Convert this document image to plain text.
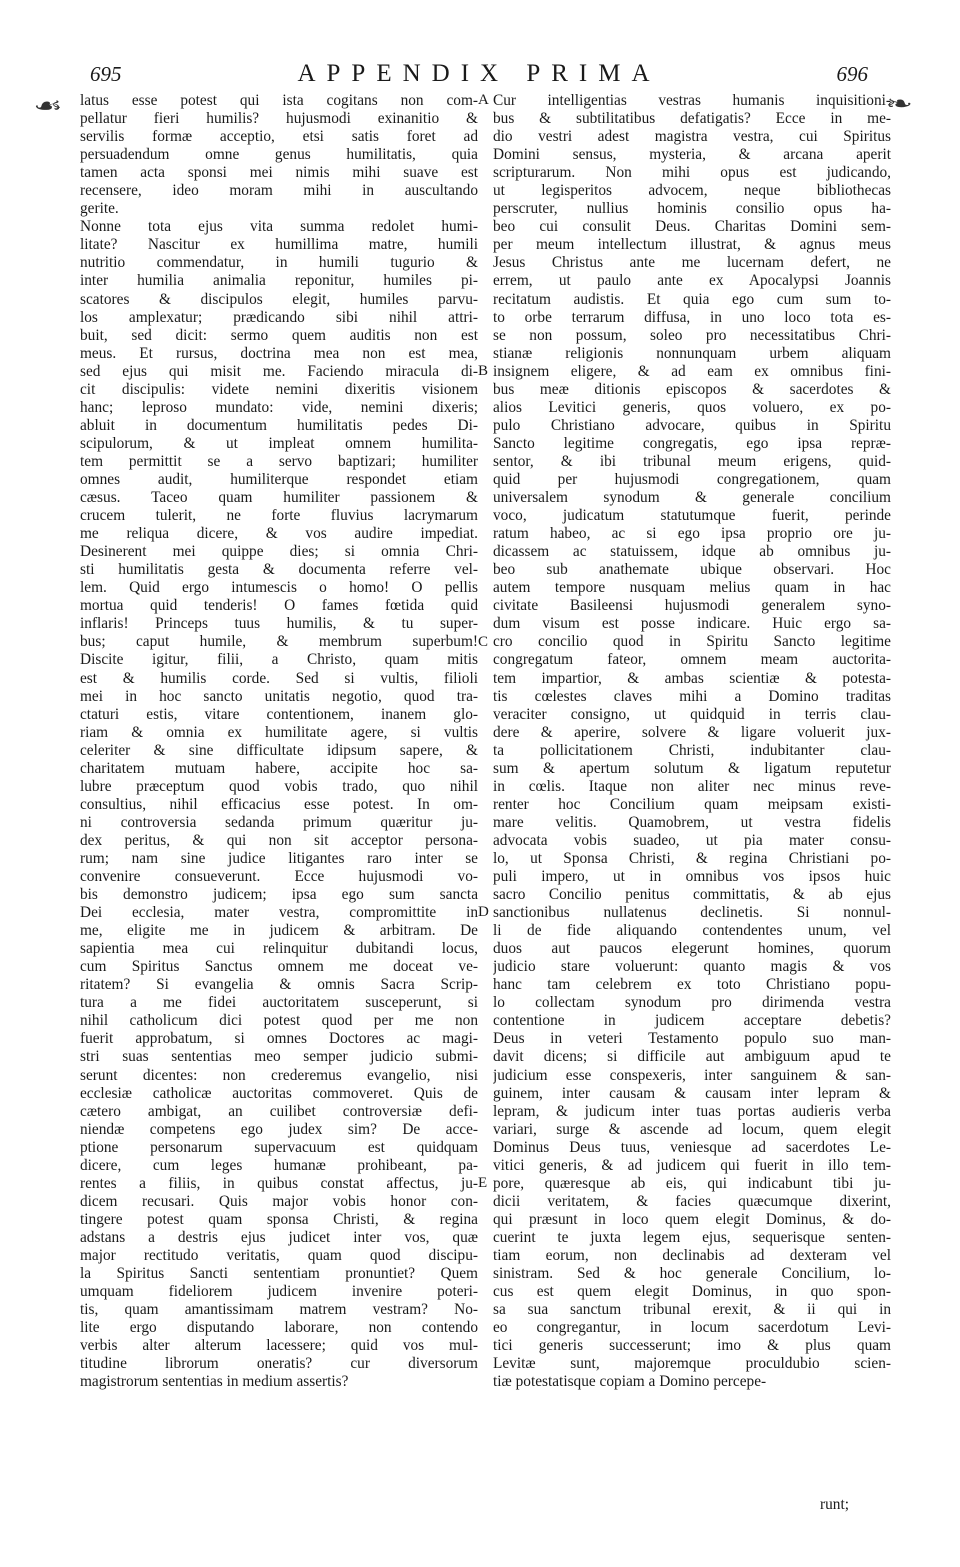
695	APPENDIX PRIMA	696
☙	❧
latus esse potest qui ista cogitans non com-
pellatur fieri humilis? hujusmodi exinanitio &
servilis formæ acceptio, etsi satis foret ad
persuadendum omne genus humilitatis, quia
tamen acta sponsi mei nimis mihi suave est
recensere, ideo moram mihi in auscultando
gerite.
Nonne tota ejus vita summa redolet humi-
litate? Nascitur ex humillima matre, humili
nutritio commendatur, in humili tugurio &
inter humilia animalia reponitur, humiles pi-
scatores & discipulos elegit, humiles parvu-
los amplexatur; prædicando sibi nihil attri-
buit, sed dicit: sermo quem auditis non est
meus. Et rursus, doctrina mea non est mea,
sed ejus qui misit me. Faciendo miracula di-
cit discipulis: videte nemini dixeritis visionem
hanc; leproso mundato: vide, nemini dixeris;
abluit in documentum humilitatis pedes Di-
scipulorum, & ut impleat omnem humilita-
tem permittit se a servo baptizari; humiliter
omnes audit, humiliterque respondet etiam
cæsus. Taceo quam humiliter passionem &
crucem tulerit, ne forte fluvius lacrymarum
me reliqua dicere, & vos audire impediat.
Desinerent mei quippe dies; si omnia Chri-
sti humilitatis gesta & documenta referre vel-
lem. Quid ergo intumescis o homo! O pellis
mortua quid tenderis! O fames fœtida quid
inflaris! Princeps tuus humilis, & tu super-
bus; caput humile, & membrum superbum!
Discite igitur, filii, a Christo, quam mitis
est & humilis corde. Sed si vultis, filioli
mei in hoc sancto unitatis negotio, quod tra-
ctaturi estis, vitare contentionem, inanem glo-
riam & omnia ex humilitate agere, si vultis
celeriter & sine difficultate idipsum sapere, &
charitatem mutuam habere, accipite hoc sa-
lubre præceptum quod vobis trado, quo nihil
consultius, nihil efficacius esse potest. In om-
ni controversia sedanda primum quæritur ju-
dex peritus, & qui non sit acceptor persona-
rum; nam sine judice litigantes raro inter se
convenire consueverunt. Ecce hujusmodi vo-
bis demonstro judicem; ipsa ego sum sancta
Dei ecclesia, mater vestra, compromittite in
me, eligite me in judicem & arbitram. De
sapientia mea cui relinquitur dubitandi locus,
cum Spiritus Sanctus omnem me doceat ve-
ritatem? Si evangelia & omnis Sacra Scrip-
tura a me fidei auctoritatem susceperunt, si
nihil catholicum dici potest quod per me non
fuerit approbatum, si omnes Doctores ac magi-
stri suas sententias meo semper judicio submi-
serunt dicentes: non crederemus evangelio, nisi
ecclesiæ catholicæ auctoritas commoveret. Quis de
cætero ambigat, an cuilibet controversiæ defi-
niendæ competens ego judex sim? De acce-
ptione personarum supervacuum est quidquam
dicere, cum leges humanæ prohibeant, pa-
rentes a filiis, in quibus constat affectus, ju-
dicem recusari. Quis major vobis honor con-
tingere potest quam sponsa Christi, & regina
adstans a destris ejus judicet inter vos, quæ
major rectitudo veritatis, quam quod discipu-
la Spiritus Sancti sententiam pronuntiet? Quem
umquam fideliorem judicem invenire poteri-
tis, quam amantissimam matrem vestram? No-
lite ergo disputando laborare, non contendo
verbis alter alterum lacessere; quid vos mul-
titudine librorum oneratis? cur diversorum
magistrorum sententias in medium assertis?
A
B
C
D
E
Cur intelligentias vestras humanis inquisitioni-
bus & subtilitatibus defatigatis? Ecce in me-
dio vestri adest magistra vestra, cui Spiritus
Domini sensus, mysteria, & arcana aperit
scripturarum. Non mihi opus est judicando,
ut legisperitos advocem, neque bibliothecas
perscruter, nullius hominis consilio opus ha-
beo cui consulit Deus. Charitas Domini sem-
per meum intellectum illustrat, & agnus meus
Jesus Christus ante me lucernam defert, ne
errem, ut paulo ante ex Apocalypsi Joannis
recitatum audistis. Et quia ego cum sum to-
to orbe terrarum diffusa, in uno loco tota es-
se non possum, soleo pro necessitatibus Chri-
stianæ religionis nonnunquam urbem aliquam
insignem eligere, & ad eam ex omnibus fini-
bus meæ ditionis episcopos & sacerdotes &
alios Levitici generis, quos voluero, ex po-
pulo Christiano advocare, quibus in Spiritu
Sancto legitime congregatis, ego ipsa repræ-
sentor, & ibi tribunal meum erigens, quid-
quid per hujusmodi congregationem, quam
universalem synodum & generale concilium
voco, judicatum statutumque fuerit, perinde
ratum habeo, ac si ego ipsa proprio ore ju-
dicassem ac statuissem, idque ab omnibus ju-
beo sub anathemate ubique observari. Hoc
autem tempore nusquam melius quam in hac
civitate Basileensi hujusmodi generalem syno-
dum visum est posse indicare. Huic ergo sa-
cro concilio quod in Spiritu Sancto legitime
congregatum fateor, omnem meam auctorita-
tem impartior, & ambas scientiæ & potesta-
tis cœlestes claves mihi a Domino traditas
veraciter consigno, ut quidquid in terris clau-
dere & aperire, solvere & ligare voluerit jux-
ta pollicitationem Christi, indubitanter clau-
sum & apertum solutum & ligatum reputetur
in cœlis. Itaque non aliter nec minus reve-
renter hoc Concilium quam meipsam existi-
mare velitis. Quamobrem, ut vestra fidelis
advocata vobis suadeo, ut pia mater consu-
lo, ut Sponsa Christi, & regina Christiani po-
puli impero, ut in omnibus vos ipsos huic
sacro Concilio penitus committatis, & ab ejus
sanctionibus nullatenus declinetis. Si nonnul-
li de fide aliquando contendentes unum, vel
duos aut paucos elegerunt homines, quorum
judicio stare voluerunt: quanto magis & vos
hanc tam celebrem ex toto Christiano popu-
lo collectam synodum pro dirimenda vestra
contentione in judicem acceptare debetis?
Deus in veteri Testamento populo suo man-
davit dicens; si difficile aut ambiguum apud te
judicium esse conspexeris, inter sanguinem & san-
guinem, inter causam & causam inter lepram &
lepram, & judicum inter tuas portas audieris verba
variari, surge & ascende ad locum, quem elegit
Dominus Deus tuus, veniesque ad sacerdotes Le-
vitici generis, & ad judicem qui fuerit in illo tem-
pore, quæresque ab eis, qui indicabunt tibi ju-
dicii veritatem, & facies quæcumque dixerint,
qui præsunt in loco quem elegit Dominus, & do-
cuerint te juxta legem ejus, sequerisque senten-
tiam eorum, non declinabis ad dexteram vel
sinistram. Sed & hoc generale Concilium, lo-
cus est quem elegit Dominus, in quo spon-
sa sua sanctum tribunal erexit, & ii qui in
eo congregantur, in locum sacerdotum Levi-
tici generis successerunt; imo & plus quam
Levitæ sunt, majoremque proculdubio scien-
tiæ potestatisque copiam a Domino percepe-
runt;
